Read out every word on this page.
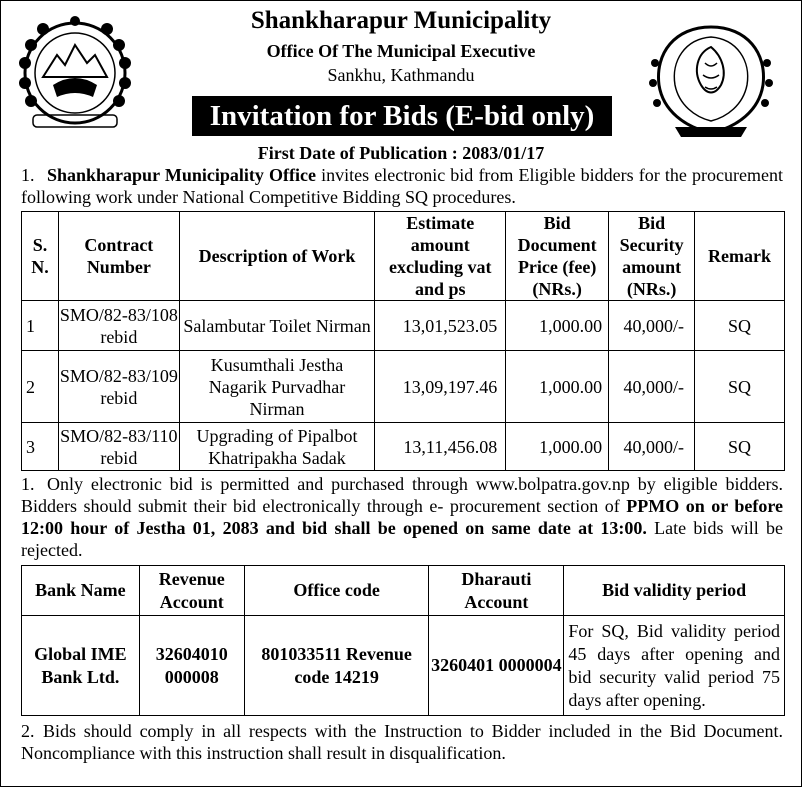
Shankharapur Municipality
Office Of The Municipal Executive
Sankhu, Kathmandu
Invitation for Bids (E-bid only)
First Date of Publication : 2083/01/17
1. Shankharapur Municipality Office invites electronic bid from Eligible bidders for the procurement following work under National Competitive Bidding SQ procedures.
S. N.	Contract Number	Description of Work	Estimate amount excluding vat and ps	Bid Document Price (fee) (NRs.)	Bid Security amount (NRs.)	Remark
1	SMO/82-83/108 rebid	Salambutar Toilet Nirman	13,01,523.05	1,000.00	40,000/-	SQ
2	SMO/82-83/109 rebid	Kusumthali Jestha Nagarik Purvadhar Nirman	13,09,197.46	1,000.00	40,000/-	SQ
3	SMO/82-83/110 rebid	Upgrading of Pipalbot Khatripakha Sadak	13,11,456.08	1,000.00	40,000/-	SQ
1. Only electronic bid is permitted and purchased through www.bolpatra.gov.np by eligible bidders. Bidders should submit their bid electronically through e- procurement section of PPMO on or before 12:00 hour of Jestha 01, 2083 and bid shall be opened on same date at 13:00. Late bids will be rejected.
Bank Name	Revenue Account	Office code	Dharauti Account	Bid validity period
Global IME Bank Ltd.	32604010 000008	801033511 Revenue code 14219	3260401 0000004	For SQ, Bid validity period 45 days after opening and bid security valid period 75 days after opening.
2. Bids should comply in all respects with the Instruction to Bidder included in the Bid Document. Noncompliance with this instruction shall result in disqualification.
